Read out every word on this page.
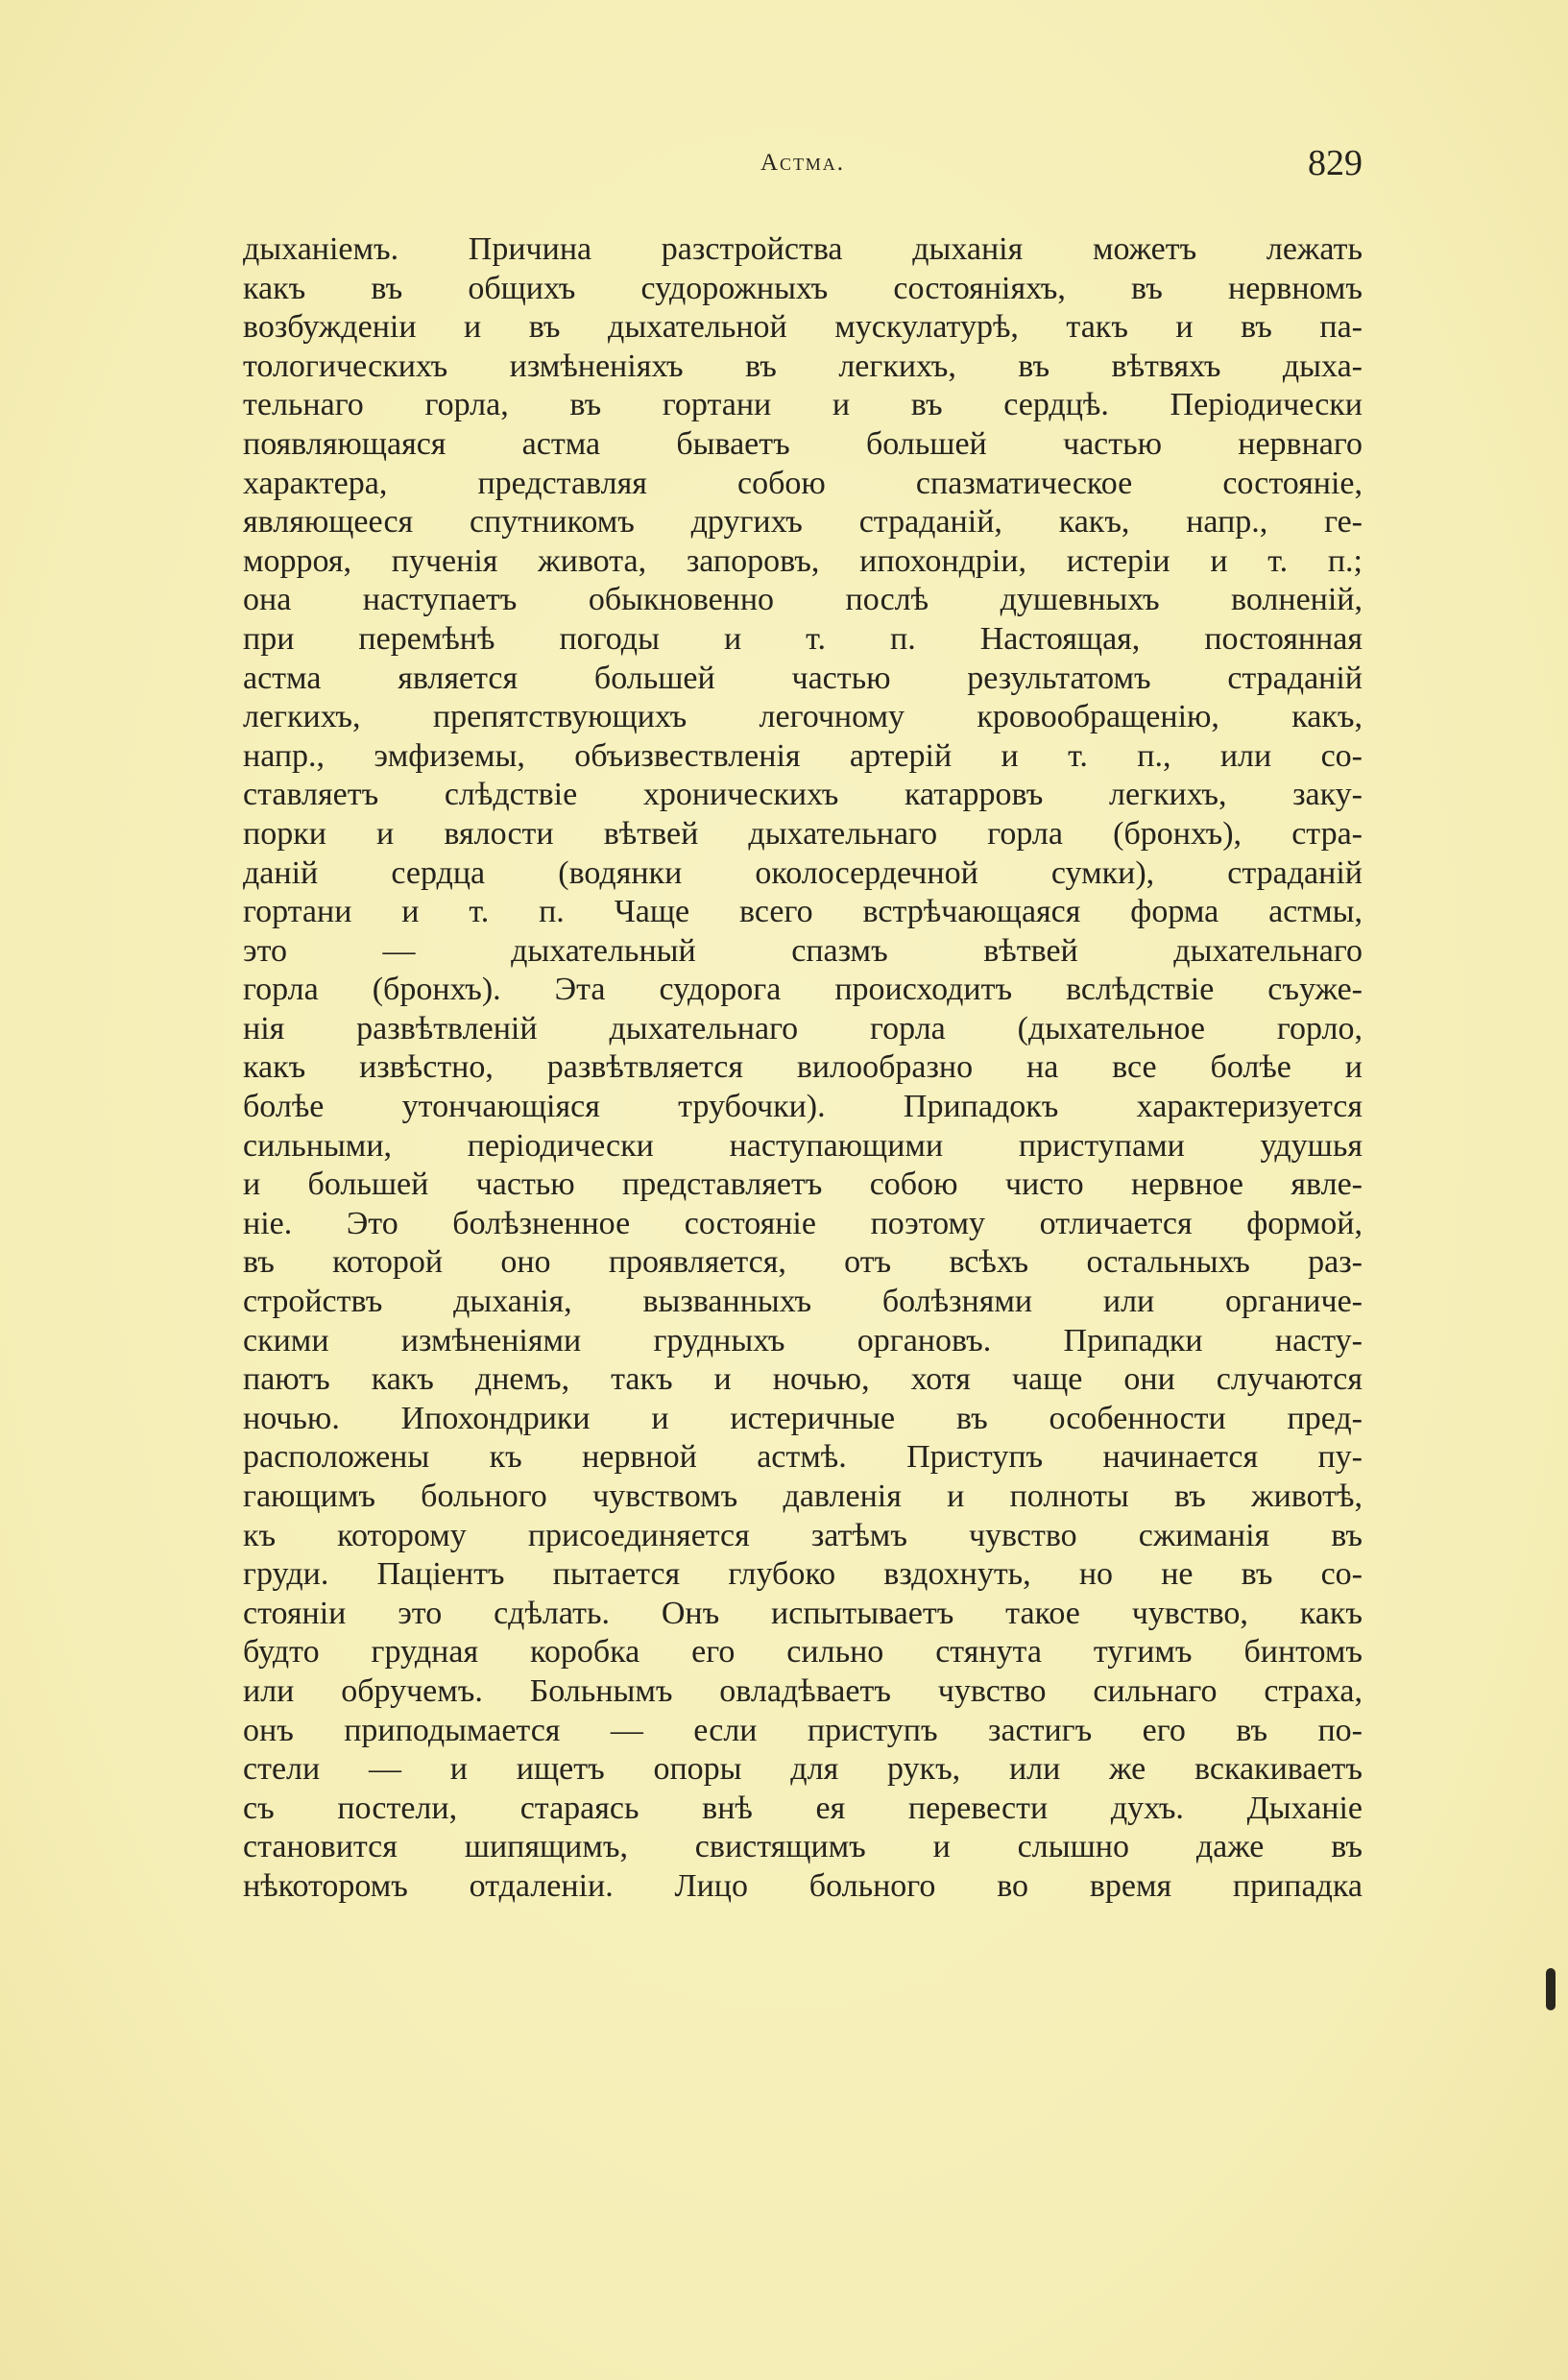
Астма.	829
дыханіемъ. Причина разстройства дыханія можетъ лежать
какъ въ общихъ судорожныхъ состояніяхъ, въ нервномъ
возбужденіи и въ дыхательной мускулатурѣ, такъ и въ па-
тологическихъ измѣненіяхъ въ легкихъ, въ вѣтвяхъ дыха-
тельнаго горла, въ гортани и въ сердцѣ. Періодически
появляющаяся астма бываетъ большей частью нервнаго
характера, представляя собою спазматическое состояніе,
являющееся спутникомъ другихъ страданій, какъ, напр., ге-
морроя, пученія живота, запоровъ, ипохондріи, истеріи и т. п.;
она наступаетъ обыкновенно послѣ душевныхъ волненій,
при перемѣнѣ погоды и т. п. Настоящая, постоянная
астма является большей частью результатомъ страданій
легкихъ, препятствующихъ легочному кровообращенію, какъ,
напр., эмфиземы, объизвествленія артерій и т. п., или со-
ставляетъ слѣдствіе хроническихъ катарровъ легкихъ, заку-
порки и вялости вѣтвей дыхательнаго горла (бронхъ), стра-
даній сердца (водянки околосердечной сумки), страданій
гортани и т. п. Чаще всего встрѣчающаяся форма астмы,
это — дыхательный спазмъ вѣтвей дыхательнаго
горла (бронхъ). Эта судорога происходитъ вслѣдствіе съуже-
нія развѣтвленій дыхательнаго горла (дыхательное горло,
какъ извѣстно, развѣтвляется вилообразно на все болѣе и
болѣе утончающіяся трубочки). Припадокъ характеризуется
сильными, періодически наступающими приступами удушья
и большей частью представляетъ собою чисто нервное явле-
ніе. Это болѣзненное состояніе поэтому отличается формой,
въ которой оно проявляется, отъ всѣхъ остальныхъ раз-
стройствъ дыханія, вызванныхъ болѣзнями или органиче-
скими измѣненіями грудныхъ органовъ. Припадки насту-
паютъ какъ днемъ, такъ и ночью, хотя чаще они случаются
ночью. Ипохондрики и истеричные въ особенности пред-
расположены къ нервной астмѣ. Приступъ начинается пу-
гающимъ больного чувствомъ давленія и полноты въ животѣ,
къ которому присоединяется затѣмъ чувство сжиманія въ
груди. Паціентъ пытается глубоко вздохнуть, но не въ со-
стояніи это сдѣлать. Онъ испытываетъ такое чувство, какъ
будто грудная коробка его сильно стянута тугимъ бинтомъ
или обручемъ. Больнымъ овладѣваетъ чувство сильнаго страха,
онъ приподымается — если приступъ застигъ его въ по-
стели — и ищетъ опоры для рукъ, или же вскакиваетъ
съ постели, стараясь внѣ ея перевести духъ. Дыханіе
становится шипящимъ, свистящимъ и слышно даже въ
нѣкоторомъ отдаленіи. Лицо больного во время припадка
